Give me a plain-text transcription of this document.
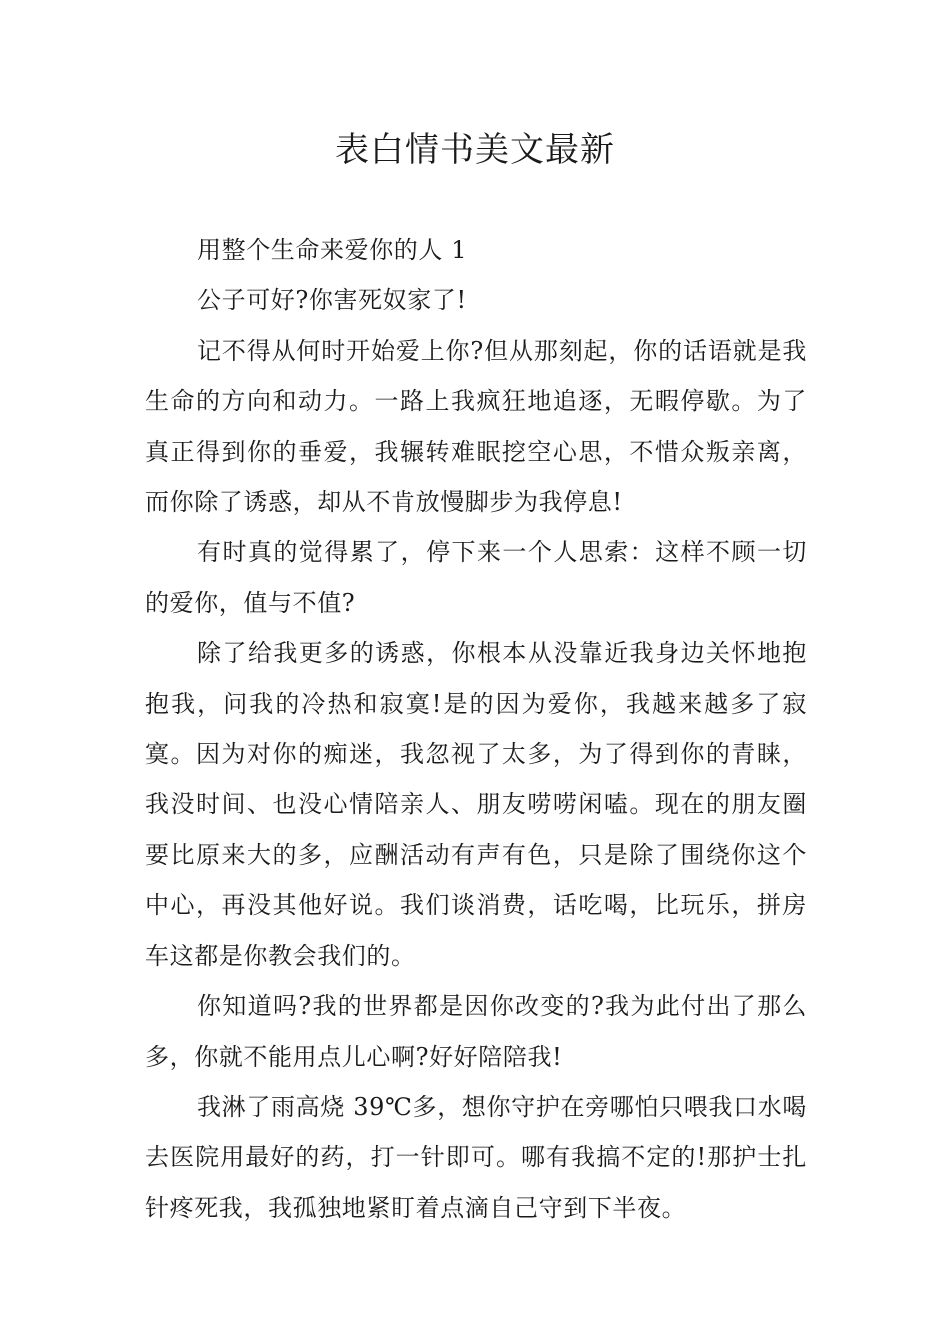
表白情书美文最新

用整个生命来爱你的人 1

公子可好?你害死奴家了!

记不得从何时开始爱上你?但从那刻起，你的话语就是我生命的方向和动力。一路上我疯狂地追逐，无暇停歇。为了真正得到你的垂爱，我辗转难眠挖空心思，不惜众叛亲离，而你除了诱惑，却从不肯放慢脚步为我停息!

有时真的觉得累了，停下来一个人思索：这样不顾一切的爱你，值与不值?

除了给我更多的诱惑，你根本从没靠近我身边关怀地抱抱我，问我的冷热和寂寞!是的因为爱你，我越来越多了寂寞。因为对你的痴迷，我忽视了太多，为了得到你的青睐，我没时间、也没心情陪亲人、朋友唠唠闲嗑。现在的朋友圈要比原来大的多，应酬活动有声有色，只是除了围绕你这个中心，再没其他好说。我们谈消费，话吃喝，比玩乐，拼房车这都是你教会我们的。

你知道吗?我的世界都是因你改变的?我为此付出了那么多，你就不能用点儿心啊?好好陪陪我!

我淋了雨高烧 39℃多，想你守护在旁哪怕只喂我口水喝去医院用最好的药，打一针即可。哪有我搞不定的!那护士扎针疼死我，我孤独地紧盯着点滴自己守到下半夜。
